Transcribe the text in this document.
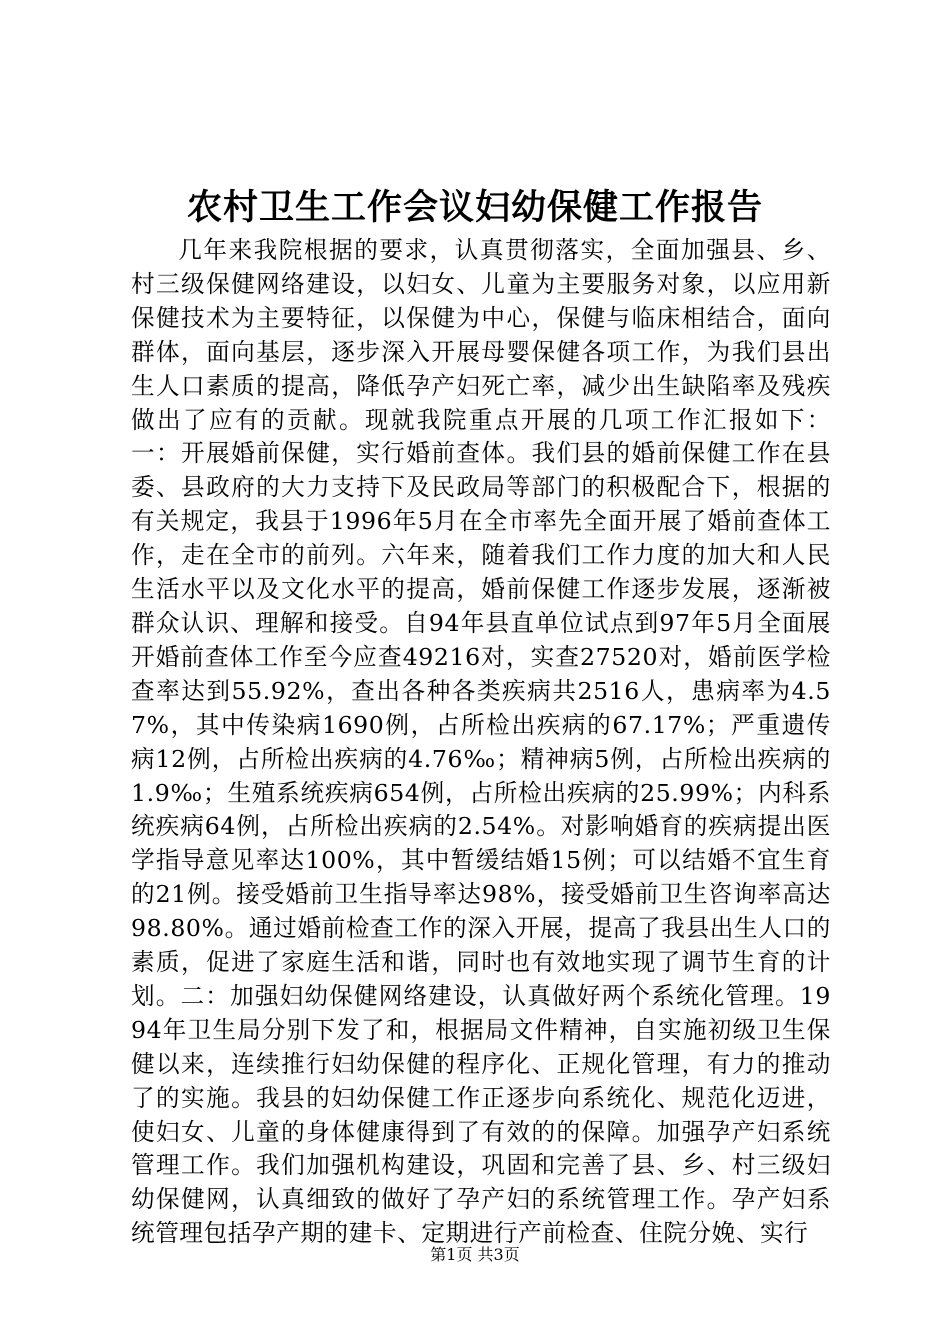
农村卫生工作会议妇幼保健工作报告

几年来我院根据的要求，认真贯彻落实，全面加强县、乡、村三级保健网络建设，以妇女、儿童为主要服务对象，以应用新保健技术为主要特征，以保健为中心，保健与临床相结合，面向群体，面向基层，逐步深入开展母婴保健各项工作，为我们县出生人口素质的提高，降低孕产妇死亡率，减少出生缺陷率及残疾做出了应有的贡献。现就我院重点开展的几项工作汇报如下：一：开展婚前保健，实行婚前查体。我们县的婚前保健工作在县委、县政府的大力支持下及民政局等部门的积极配合下，根据的有关规定，我县于1996年5月在全市率先全面开展了婚前查体工作，走在全市的前列。六年来，随着我们工作力度的加大和人民生活水平以及文化水平的提高，婚前保健工作逐步发展，逐渐被群众认识、理解和接受。自94年县直单位试点到97年5月全面展开婚前查体工作至今应查49216对，实查27520对，婚前医学检查率达到55.92%，查出各种各类疾病共2516人，患病率为4.57%，其中传染病1690例，占所检出疾病的67.17%；严重遗传病12例，占所检出疾病的4.76‰；精神病5例，占所检出疾病的1.9‰；生殖系统疾病654例，占所检出疾病的25.99%；内科系统疾病64例，占所检出疾病的2.54%。对影响婚育的疾病提出医学指导意见率达100%，其中暂缓结婚15例；可以结婚不宜生育的21例。接受婚前卫生指导率达98%，接受婚前卫生咨询率高达98.80%。通过婚前检查工作的深入开展，提高了我县出生人口的素质，促进了家庭生活和谐，同时也有效地实现了调节生育的计划。二：加强妇幼保健网络建设，认真做好两个系统化管理。1994年卫生局分别下发了和，根据局文件精神，自实施初级卫生保健以来，连续推行妇幼保健的程序化、正规化管理，有力的推动了的实施。我县的妇幼保健工作正逐步向系统化、规范化迈进，使妇女、儿童的身体健康得到了有效的的保障。加强孕产妇系统管理工作。我们加强机构建设，巩固和完善了县、乡、村三级妇幼保健网，认真细致的做好了孕产妇的系统管理工作。孕产妇系统管理包括孕产期的建卡、定期进行产前检查、住院分娩、实行

第1页 共3页
